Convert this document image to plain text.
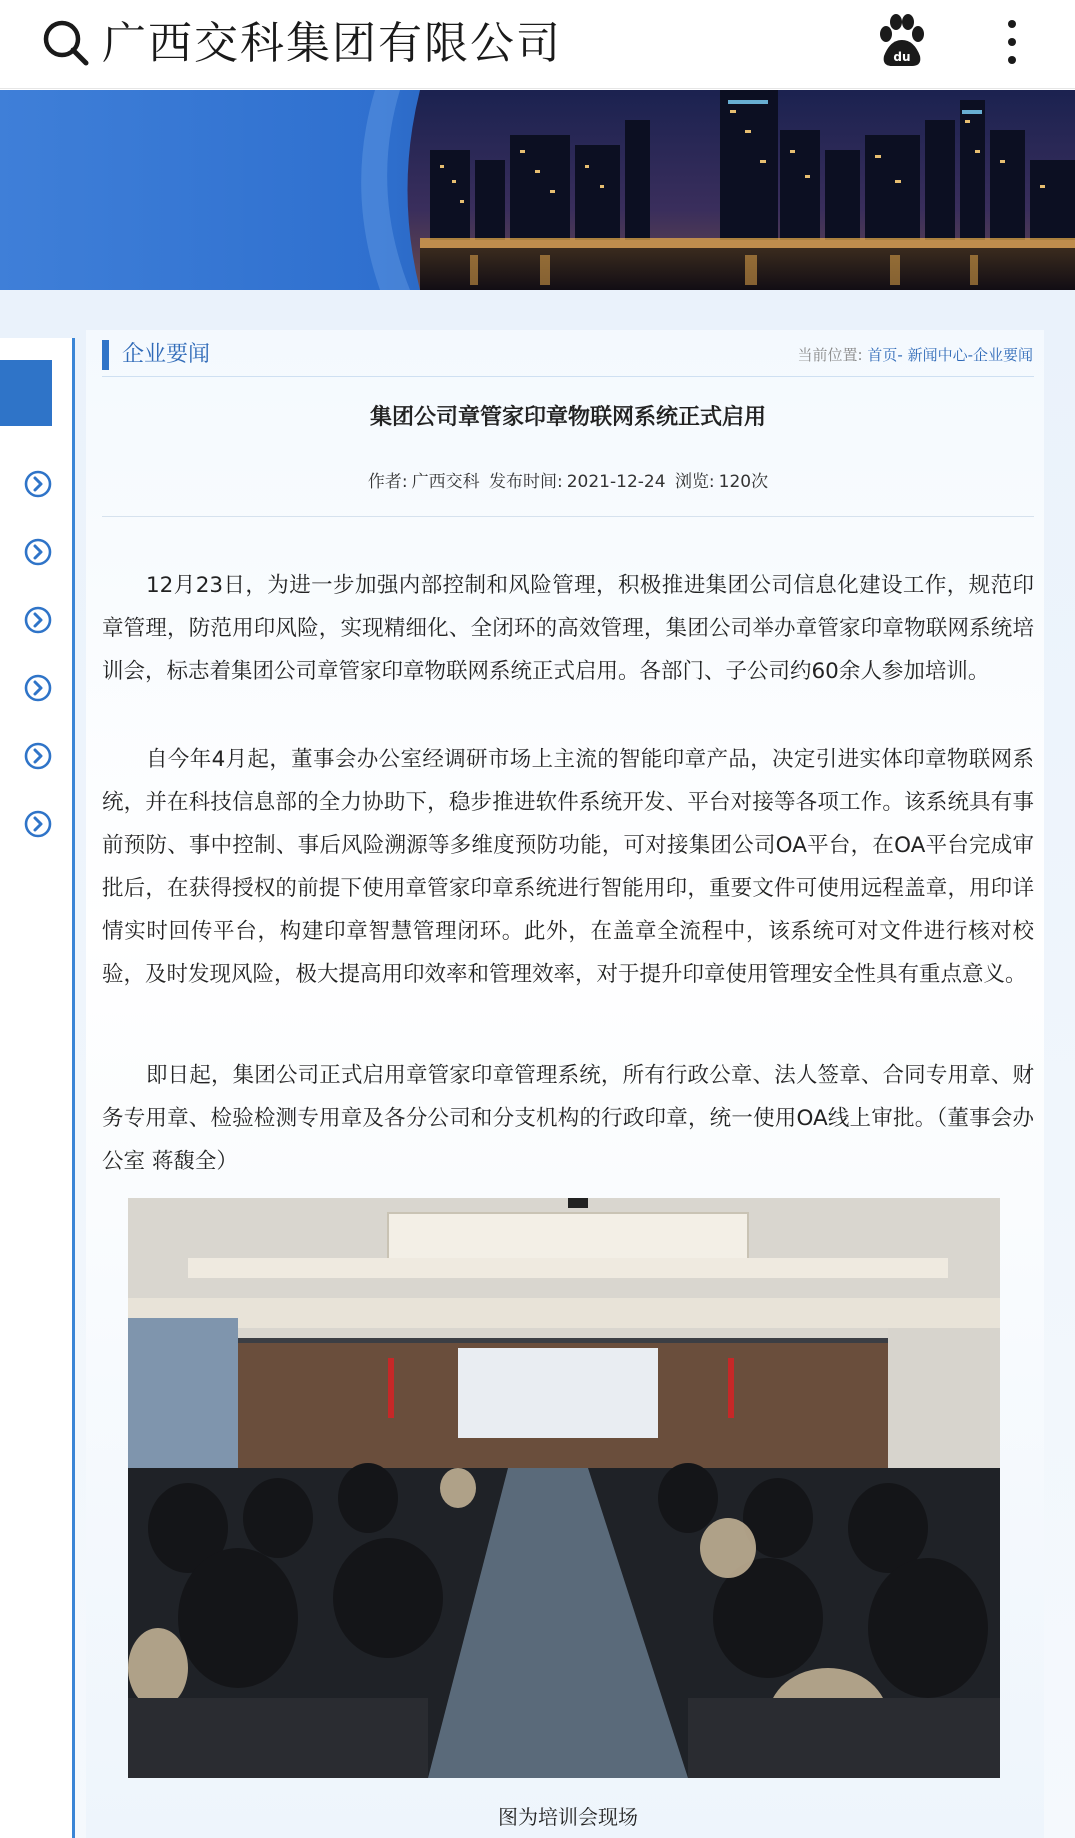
广西交科集团有限公司	du
企业要闻	当前位置: 首页- 新闻中心-企业要闻
集团公司章管家印章物联网系统正式启用
作者: 广西交科 发布时间: 2021-12-24 浏览: 120次

12月23日，为进一步加强内部控制和风险管理，积极推进集团公司信息化建设工作，规范印章管理，防范用印风险，实现精细化、全闭环的高效管理，集团公司举办章管家印章物联网系统培训会，标志着集团公司章管家印章物联网系统正式启用。各部门、子公司约60余人参加培训。

自今年4月起，董事会办公室经调研市场上主流的智能印章产品，决定引进实体印章物联网系统，并在科技信息部的全力协助下，稳步推进软件系统开发、平台对接等各项工作。该系统具有事前预防、事中控制、事后风险溯源等多维度预防功能，可对接集团公司OA平台，在OA平台完成审批后，在获得授权的前提下使用章管家印章系统进行智能用印，重要文件可使用远程盖章，用印详情实时回传平台，构建印章智慧管理闭环。此外，在盖章全流程中，该系统可对文件进行核对校验，及时发现风险，极大提高用印效率和管理效率，对于提升印章使用管理安全性具有重点意义。

即日起，集团公司正式启用章管家印章管理系统，所有行政公章、法人签章、合同专用章、财务专用章、检验检测专用章及各分公司和分支机构的行政印章，统一使用OA线上审批。（董事会办公室 蒋馥全）

图为培训会现场
